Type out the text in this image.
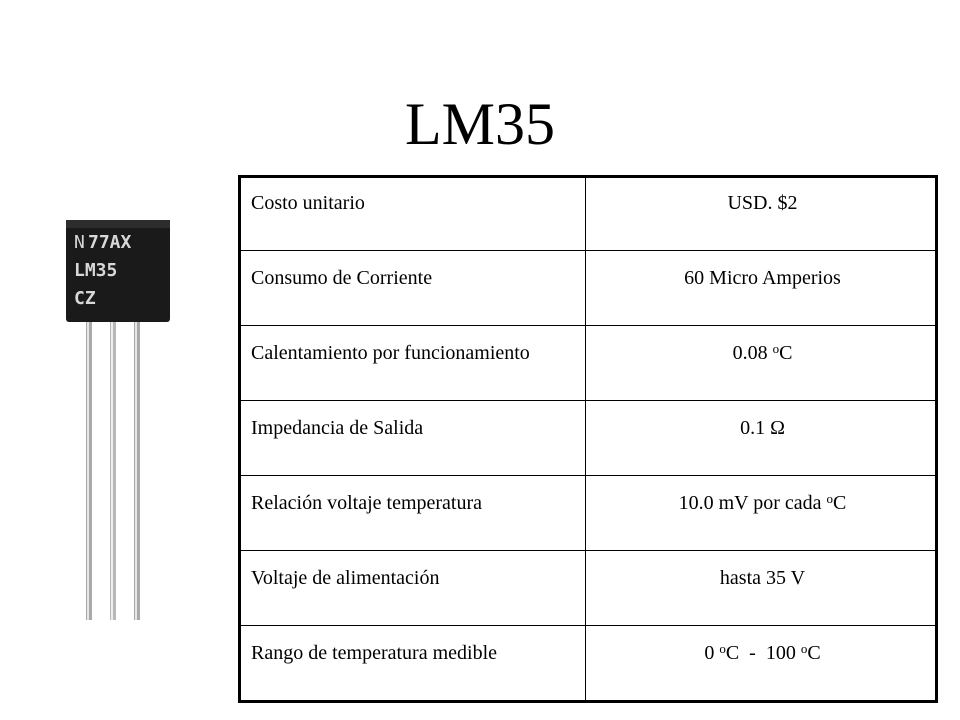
LM35
N 77AX
LM35
CZ
Costo unitario	USD. $2
Consumo de Corriente	60 Micro Amperios
Calentamiento por funcionamiento	0.08 $^o$C
Impedancia de Salida	0.1 Ω
Relación voltaje temperatura	10.0 mV por cada $^o$C
Voltaje de alimentación	hasta 35 V
Rango de temperatura medible	0 $^o$C  -  100 $^o$C
